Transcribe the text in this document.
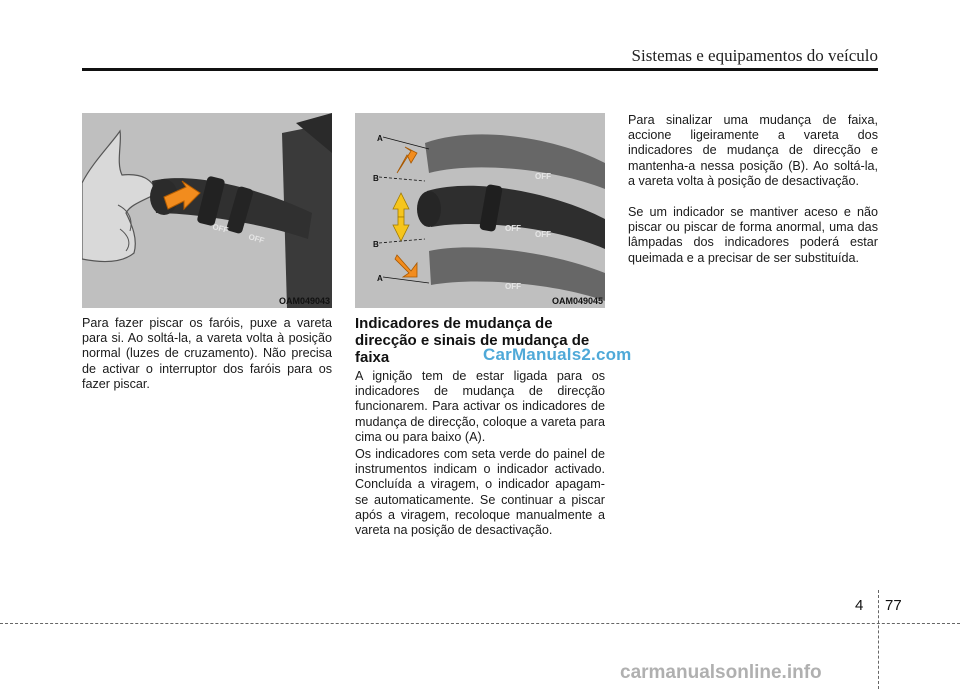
Sistemas e equipamentos do veículo
OFF
OFF
OAM049043
A
B
B
A
OFF
OFF
OFF
OFF
OAM049045

Para fazer piscar os faróis, puxe a vareta para si. Ao soltá-la, a vareta volta à posição normal (luzes de cruzamento). Não precisa de activar o interruptor dos faróis para os fazer piscar.

Indicadores de mudança de direcção e sinais de mudança de faixa	CarManuals2.com

A ignição tem de estar ligada para os indicadores de mudança de direcção funcionarem. Para activar os indicadores de mudança de direcção, coloque a vareta para cima ou para baixo (A).

Os indicadores com seta verde do painel de instrumentos indicam o indicador activado. Concluída a viragem, o indicador apagam-se automaticamente. Se continuar a piscar após a viragem, recoloque manualmente a vareta na posição de desactivação.

Para sinalizar uma mudança de faixa, accione ligeiramente a vareta dos indicadores de mudança de direcção e mantenha-a nessa posição (B). Ao soltá-la, a vareta volta à posição de desactivação.

Se um indicador se mantiver aceso e não piscar ou piscar de forma anormal, uma das lâmpadas dos indicadores poderá estar queimada e a precisar de ser substituída.

4 77
carmanualsonline.info
